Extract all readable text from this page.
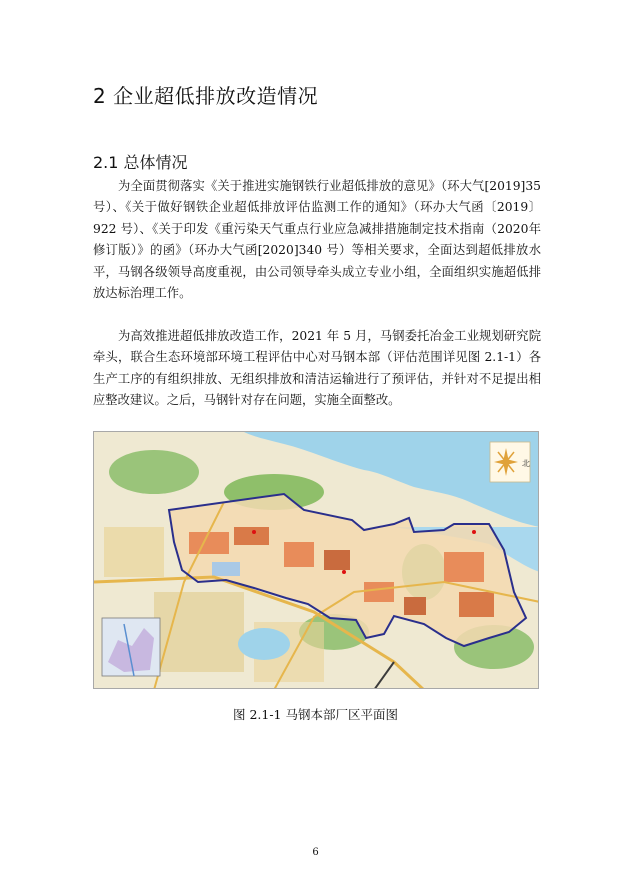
2 企业超低排放改造情况
2.1 总体情况

为全面贯彻落实《关于推进实施钢铁行业超低排放的意见》（环大气[2019]35号）、《关于做好钢铁企业超低排放评估监测工作的通知》（环办大气函〔2019〕922 号）、《关于印发《重污染天气重点行业应急减排措施制定技术指南（2020年修订版）》的函》（环办大气函[2020]340 号）等相关要求，全面达到超低排放水平，马钢各级领导高度重视，由公司领导牵头成立专业小组，全面组织实施超低排放达标治理工作。

为高效推进超低排放改造工作，2021 年 5 月，马钢委托冶金工业规划研究院牵头，联合生态环境部环境工程评估中心对马钢本部（评估范围详见图 2.1-1）各生产工序的有组织排放、无组织排放和清洁运输进行了预评估，并针对不足提出相应整改建议。之后，马钢针对存在问题，实施全面整改。

北
图 2.1-1 马钢本部厂区平面图
6
